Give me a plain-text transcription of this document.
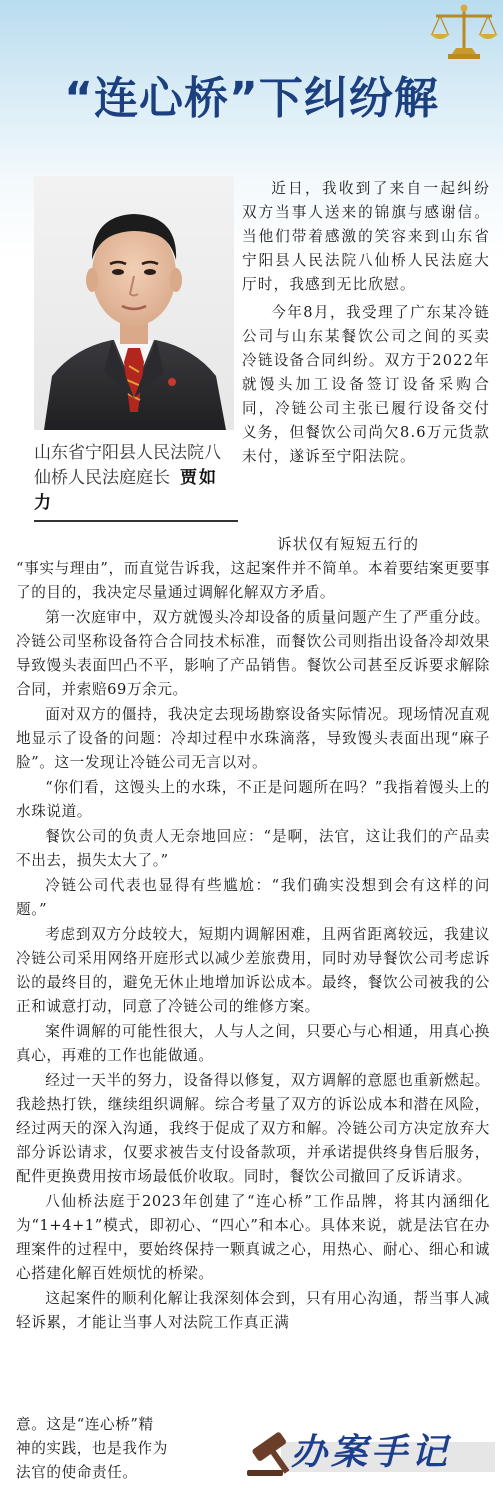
“连心桥”下纠纷解
山东省宁阳县人民法院八仙桥人民法庭庭长 贾如力

近日，我收到了来自一起纠纷双方当事人送来的锦旗与感谢信。当他们带着感激的笑容来到山东省宁阳县人民法院八仙桥人民法庭大厅时，我感到无比欣慰。

今年8月，我受理了广东某冷链公司与山东某餐饮公司之间的买卖冷链设备合同纠纷。双方于2022年就馒头加工设备签订设备采购合同，冷链公司主张已履行设备交付义务，但餐饮公司尚欠8.6万元货款未付，遂诉至宁阳法院。

诉状仅有短短五行的

“事实与理由”，而直觉告诉我，这起案件并不简单。本着要结案更要事了的目的，我决定尽量通过调解化解双方矛盾。

第一次庭审中，双方就馒头冷却设备的质量问题产生了严重分歧。冷链公司坚称设备符合合同技术标准，而餐饮公司则指出设备冷却效果导致馒头表面凹凸不平，影响了产品销售。餐饮公司甚至反诉要求解除合同，并索赔69万余元。

面对双方的僵持，我决定去现场勘察设备实际情况。现场情况直观地显示了设备的问题：冷却过程中水珠滴落，导致馒头表面出现“麻子脸”。这一发现让冷链公司无言以对。

“你们看，这馒头上的水珠，不正是问题所在吗？”我指着馒头上的水珠说道。

餐饮公司的负责人无奈地回应：“是啊，法官，这让我们的产品卖不出去，损失太大了。”

冷链公司代表也显得有些尴尬：“我们确实没想到会有这样的问题。”

考虑到双方分歧较大，短期内调解困难，且两省距离较远，我建议冷链公司采用网络开庭形式以减少差旅费用，同时劝导餐饮公司考虑诉讼的最终目的，避免无休止地增加诉讼成本。最终，餐饮公司被我的公正和诚意打动，同意了冷链公司的维修方案。

案件调解的可能性很大，人与人之间，只要心与心相通，用真心换真心，再难的工作也能做通。

经过一天半的努力，设备得以修复，双方调解的意愿也重新燃起。我趁热打铁，继续组织调解。综合考量了双方的诉讼成本和潜在风险，经过两天的深入沟通，我终于促成了双方和解。冷链公司方决定放弃大部分诉讼请求，仅要求被告支付设备款项，并承诺提供终身售后服务，配件更换费用按市场最低价收取。同时，餐饮公司撤回了反诉请求。

八仙桥法庭于2023年创建了“连心桥”工作品牌，将其内涵细化为“1+4+1”模式，即初心、“四心”和本心。具体来说，就是法官在办理案件的过程中，要始终保持一颗真诚之心，用热心、耐心、细心和诚心搭建化解百姓烦忧的桥梁。

这起案件的顺利化解让我深刻体会到，只有用心沟通，帮当事人减轻诉累，才能让当事人对法院工作真正满

意。这是“连心桥”精
神的实践，也是我作为
法官的使命责任。	办案手记
